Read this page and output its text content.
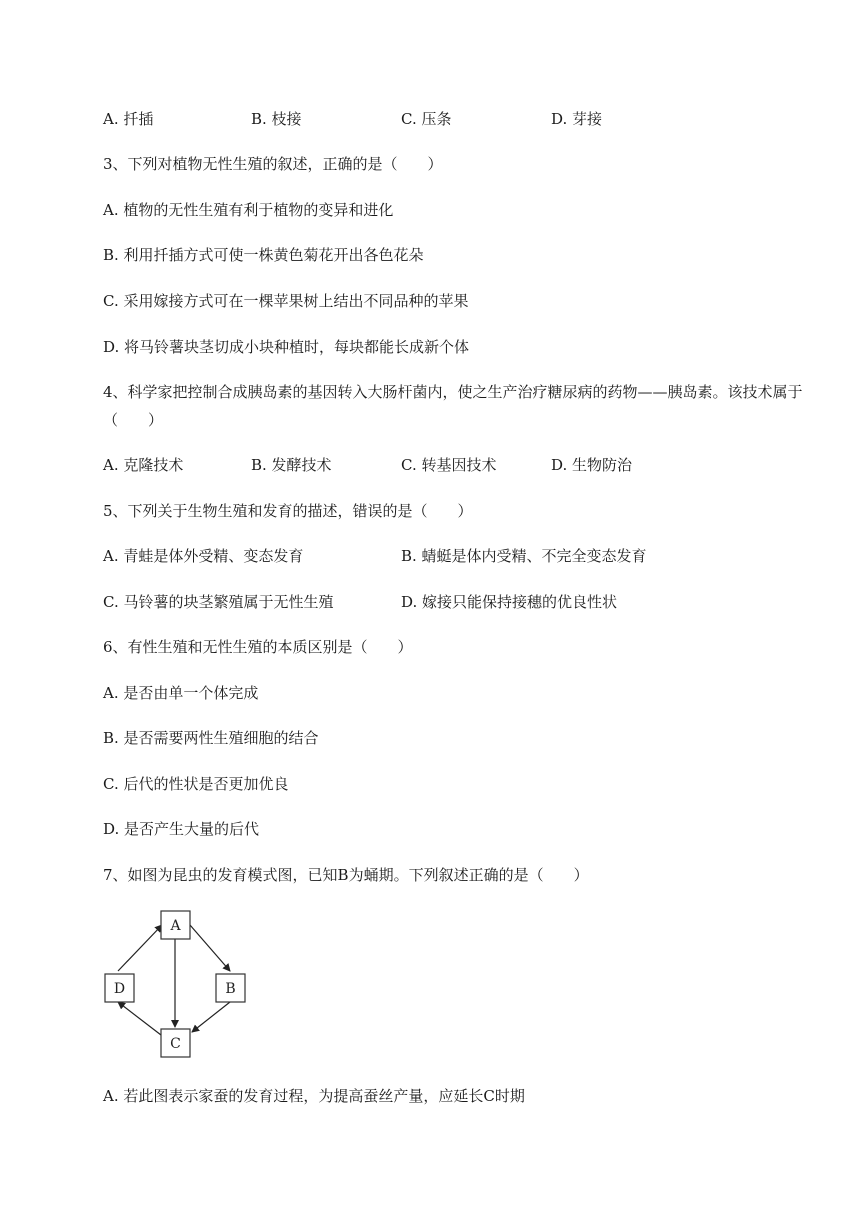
A. 扦插	B. 枝接	C. 压条	D. 芽接
3、下列对植物无性生殖的叙述，正确的是（　　）
A. 植物的无性生殖有利于植物的变异和进化
B. 利用扦插方式可使一株黄色菊花开出各色花朵
C. 采用嫁接方式可在一棵苹果树上结出不同品种的苹果
D. 将马铃薯块茎切成小块种植时，每块都能长成新个体
4、科学家把控制合成胰岛素的基因转入大肠杆菌内，使之生产治疗糖尿病的药物——胰岛素。该技术属于（　　）
A. 克隆技术	B. 发酵技术	C. 转基因技术	D. 生物防治
5、下列关于生物生殖和发育的描述，错误的是（　　）
A. 青蛙是体外受精、变态发育	B. 蜻蜓是体内受精、不完全变态发育
C. 马铃薯的块茎繁殖属于无性生殖	D. 嫁接只能保持接穗的优良性状
6、有性生殖和无性生殖的本质区别是（　　）
A. 是否由单一个体完成
B. 是否需要两性生殖细胞的结合
C. 后代的性状是否更加优良
D. 是否产生大量的后代
7、如图为昆虫的发育模式图，已知B为蛹期。下列叙述正确的是（　　）
A
B
C
D
A. 若此图表示家蚕的发育过程，为提高蚕丝产量，应延长C时期
